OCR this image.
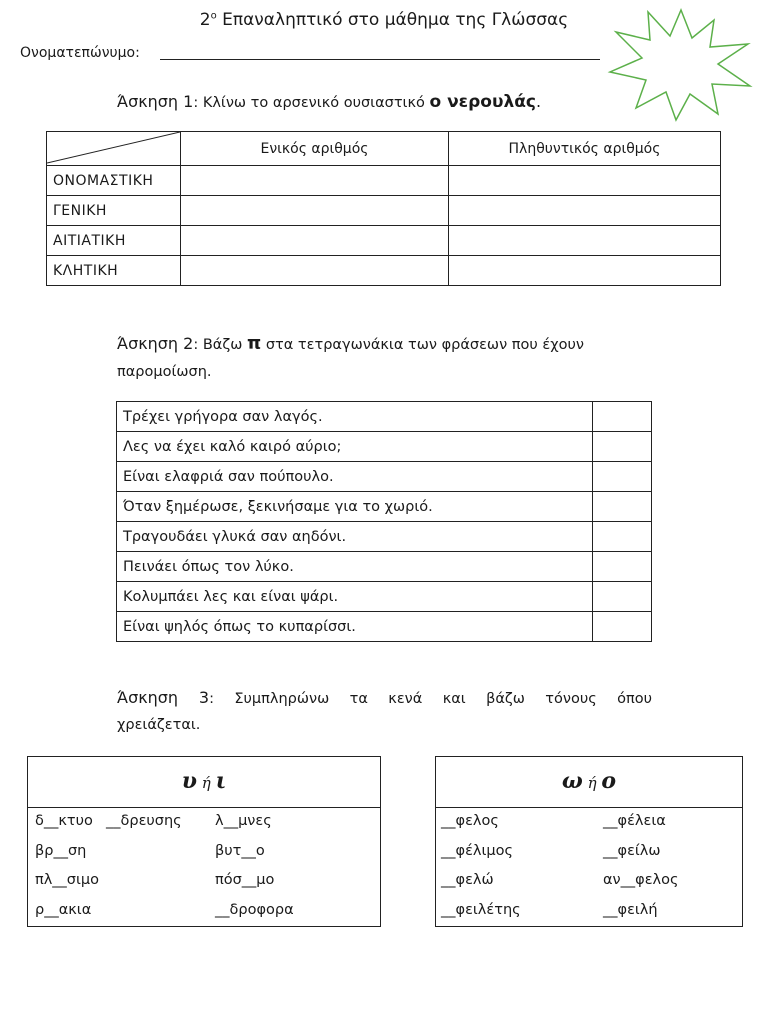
$2^o$ Επαναληπτικό στο μάθημα της Γλώσσας
Ονοματεπώνυμο:
Άσκηση 1: Κλίνω το αρσενικό ουσιαστικό ο νερουλάς.
	Ενικός αριθμός	Πληθυντικός αριθμός
ΟΝΟΜΑΣΤΙΚΗ		
ΓΕΝΙΚΗ		
ΑΙΤΙΑΤΙΚΗ		
ΚΛΗΤΙΚΗ		
Άσκηση 2: Βάζω π στα τετραγωνάκια των φράσεων που έχουν
παρομοίωση.
Τρέχει γρήγορα σαν λαγός.	
Λες να έχει καλό καιρό αύριο;	
Είναι ελαφριά σαν πούπουλο.	
Όταν ξημέρωσε, ξεκινήσαμε για το χωριό.	
Τραγουδάει γλυκά σαν αηδόνι.	
Πεινάει όπως τον λύκο.	
Κολυμπάει λες και είναι ψάρι.	
Είναι ψηλός όπως το κυπαρίσσι.	
Άσκηση 3: Συμπληρώνω τα κενά και βάζω τόνους όπου
χρειάζεται.
υ ή ι
δ__κτυο __δρευσης λ__μνες
βρ__ση	βυτ__ο
πλ__σιμο	πόσ__μο
ρ__ακια	__δροφορα
ω ή ο
__φελος	__φέλεια
__φέλιμος	__φείλω
__φελώ	αν__φελος
__φειλέτης	__φειλή
